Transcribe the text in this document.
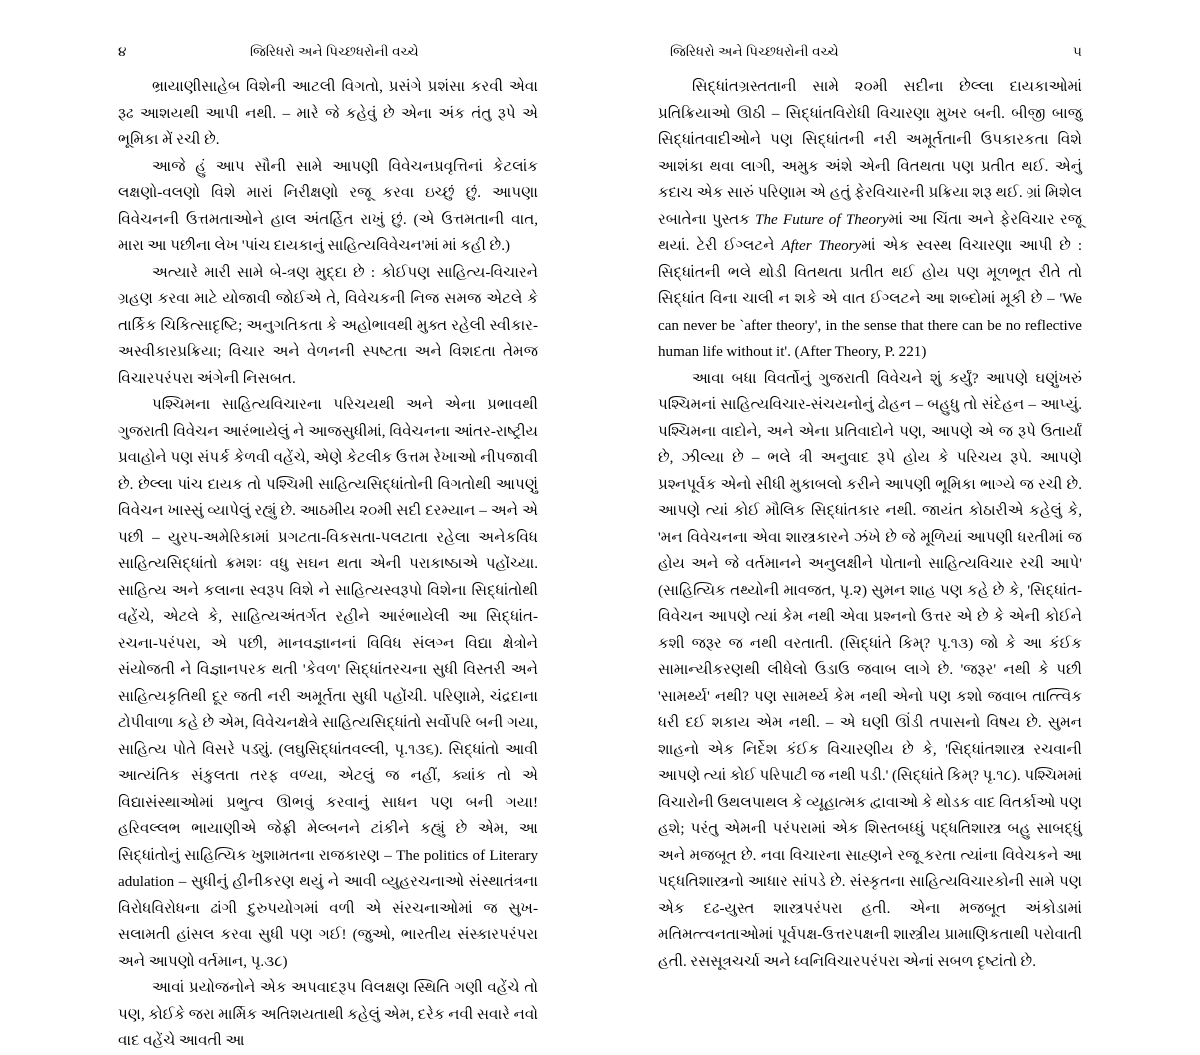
૪	જિરિધરો અને પિચ્છધરોની વચ્ચે

ભ્રાયાણીસાહેબ વિશેની આટલી વિગતો, પ્રસંગે પ્રશંસા કરવી એવા રૂઢ આશયથી આપી નથી. – મારે જે કહેવું છે એના અંક તંતુ રૂપે એ ભૂમિકા મેં રચી છે.

આજે હું આપ સૌની સામે આપણી વિવેચનપ્રવૃત્તિનાં કેટલાંક લક્ષણો-વલણો વિશે મારાં નિરીક્ષણો રજૂ કરવા ઇચ્છું છું. આપણા વિવેચનની ઉત્તમતાઓને હાલ અંતર્હિત રાખું છું. (એ ઉત્તમતાની વાત, મારા આ પછીના લેખ 'પાંચ દાયકાનું સાહિત્યવિવેચન'માં માં કહી છે.)

અત્યારે મારી સામે બે-ત્રણ મુદ્દા છે : કોઈપણ સાહિત્ય-વિચારને ગ્રહણ કરવા માટે યોજાવી જોઈએ તે, વિવેચકની નિજ સમજ એટલે કે તાર્કિક ચિકિત્સાદૃષ્ટિ; અનુગતિકતા કે અહોભાવથી મુક્ત રહેલી સ્વીકાર-અસ્વીકારપ્રક્રિયા; વિચાર અને વેળનની સ્પષ્ટતા અને વિશદતા તેમજ વિચારપરંપરા અંગેની નિસબત.

પશ્ચિમના સાહિત્યવિચારના પરિચયથી અને એના પ્રભાવથી ગુજરાતી વિવેચન આરંભાયેલું ને આજસુધીમાં, વિવેચનના આંતર-રાષ્ટ્રીય પ્રવાહોને પણ સંપર્ક કેળવી વહેંચે, એણે કેટલીક ઉત્તમ રેખાઓ નીપજાવી છે. છેલ્લા પાંચ દાયક તો પશ્ચિમી સાહિત્યસિદ્ધાંતોની વિગતોથી આપણું વિવેચન ખાસ્સું વ્યાપેલું રહ્યું છે. આઠમીય ૨૦મી સદી દરમ્યાન – અને એ પછી – યુરપ-અમેરિકામાં પ્રગટતા-વિકસતા-પલટાતા રહેલા અનેકવિધ સાહિત્યસિદ્ધાંતો ક્રમશઃ વધુ સઘન થતા એની પરાકાષ્ઠાએ પહોંચ્યા. સાહિત્ય અને કલાના સ્વરૂપ વિશે ને સાહિત્યસ્વરૂપો વિશેના સિદ્ધાંતોથી વહેંચે, એટલે કે, સાહિત્યઅંતર્ગત રહીને આરંભાયેલી આ સિદ્ધાંત-રચના-પરંપરા, એ પછી, માનવજ્ઞાનનાં વિવિધ સંલગ્ન વિદ્યા ક્ષેત્રોને સંયોજતી ને વિજ્ઞાનપરક થતી 'કેવળ' સિદ્ધાંતરચના સુધી વિસ્તરી અને સાહિત્યકૃતિથી દૂર જતી નરી અમૂર્તતા સુધી પહોંચી. પરિણામે, ચંદ્રદાના ટોપીવાળા કહે છે એમ, વિવેચનક્ષેત્રે સાહિત્યસિદ્ધાંતો સર્વોપરિ બની ગયા, સાહિત્ય પોતે વિસરે પડ્યું. (લઘુસિદ્ધાંતવલ્લી, પૃ.૧૩૬). સિદ્ધાંતો આવી આત્યંતિક સંકુલતા તરફ વળ્યા, એટલું જ નહીં, ક્યાંક તો એ વિદ્યાસંસ્થાઓમાં પ્રભુત્વ ઊભવું કરવાનું સાધન પણ બની ગયા! હરિવલ્લભ ભાયાણીએ જેફ્રી મેલ્બનને ટાંકીને કહ્યું છે એમ, આ સિદ્ધાંતોનું સાહિત્યિક ખુશામતના રાજકારણ – The politics of Literary adulation – સુધીનું હીનીકરણ થયું ને આવી વ્યુહરચનાઓ સંસ્થાતંત્રના વિરોધવિરોધના ઢાંગી દુરુપયોગમાં વળી એ સંરચનાઓમાં જ સુખ-સલામતી હાંસલ કરવા સુધી પણ ગઈ! (જુઓ, ભારતીય સંસ્કારપરંપરા અને આપણો વર્તમાન, પૃ.૩૮)

આવાં પ્રયોજનોને એક અપવાદરૂપ વિલક્ષણ સ્થિતિ ગણી વહેંચે તો પણ, કોઈકે જરા માર્મિક અતિશયતાથી કહેલું એમ, દરેક નવી સવારે નવો વાદ વહેંચે આવતી આ

જિરિધરો અને પિચ્છધરોની વચ્ચે	૫

સિદ્ધાંતગ્રસ્તતાની સામે ૨૦મી સદીના છેલ્લા દાયકાઓમાં પ્રતિક્રિયાઓ ઊઠી – સિદ્ધાંતવિરોધી વિચારણા મુખર બની. બીજી બાજુ સિદ્ધાંતવાદીઓને પણ સિદ્ધાંતની નરી અમૂર્તતાની ઉપકારકતા વિશે આશંકા થવા લાગી, અમુક અંશે એની વિતથતા પણ પ્રતીત થઈ. એનું કદાચ એક સારું પરિણામ એ હતું ફેરવિચારની પ્રક્રિયા શરૂ થઈ. ગ્રાં મિશેલ રબાતેના પુસ્તક The Future of Theoryમાં આ ચિંતા અને ફેરવિચાર રજૂ થયાં. ટેરી ઈગ્લટને After Theoryમાં એક સ્વસ્થ વિચારણા આપી છે : સિદ્ધાંતની ભલે થોડી વિતથતા પ્રતીત થઈ હોય પણ મૂળભૂત રીતે તો સિદ્ધાંત વિના ચાલી ન શકે એ વાત ઈગ્લટને આ શબ્દોમાં મૂકી છે – 'We can never be `after theory', in the sense that there can be no reflective human life without it'. (After Theory, P. 221)

આવા બધા વિવર્તોનું ગુજરાતી વિવેચને શું કર્યું? આપણે ઘણુંખરું પશ્ચિમનાં સાહિત્યવિચાર-સંચયનોનું ઢોહન – બહુધુ તો સંદેહન – આપ્યું. પશ્ચિમના વાદોને, અને એના પ્રતિવાદોને પણ, આપણે એ જ રૂપે ઉતાર્યાં છે, ઝીલ્યા છે – ભલે ત્રી અનુવાદ રૂપે હોય કે પરિચય રૂપે. આપણે પ્રશ્નપૂર્વક એનો સીધી મુકાબલો કરીને આપણી ભૂમિકા ભાગ્યે જ રચી છે. આપણે ત્યાં કોઈ મૌલિક સિદ્ધાંતકાર નથી. જાયંત કોઠારીએ કહેલું કે, 'મન વિવેચનના એવા શાસ્ત્રકારને ઝંખે છે જે મૂળિયાં આપણી ધરતીમાં જ હોય અને જે વર્તમાનને અનુલક્ષીને પોતાનો સાહિત્યવિચાર રચી આપે' (સાહિત્યિક તથ્યોની માવજત, પૃ.૨) સુમન શાહ પણ કહે છે કે, 'સિદ્ધાંત-વિવેચન આપણે ત્યાં કેમ નથી એવા પ્રશ્નનો ઉત્તર એ છે કે એની કોઈને કશી જરૂર જ નથી વરતાતી. (સિદ્ધાંતે કિમ્? પૃ.૧૩) જો કે આ કંઈક સામાન્યીકરણથી લીધેલો ઉડાઉ જવાબ લાગે છે. 'જરૂર' નથી કે પછી 'સામર્થ્ય' નથી? પણ સામર્થ્ય કેમ નથી એનો પણ કશો જવાબ તાત્ત્વિક ધરી દઈ શકાય એમ નથી. – એ ઘણી ઊંડી તપાસનો વિષય છે. સુમન શાહનો એક નિર્દેશ કંઈક વિચારણીય છે કે, 'સિદ્ધાંતશાસ્ત્ર રચવાની આપણે ત્યાં કોઈ પરિપાટી જ નથી પડી.' (સિદ્ધાંતે કિમ્? પૃ.૧૮). પશ્ચિમમાં વિચારોની ઉથલપાથલ કે વ્યૂહાત્મક દ્વાવાઓ કે થોડક વાદ વિતર્કાઓ પણ હશે; પરંતુ એમની પરંપરામાં એક શિસ્તબધ્ધું પદ્ધતિશાસ્ત્ર બહુ સાબદ્ધું અને મજબૂત છે. નવા વિચારના સાહ્ણને રજૂ કરતા ત્યાંના વિવેચકને આ પદ્ધતિશાસ્ત્રનો આધાર સાંપડે છે. સંસ્કૃતના સાહિત્યવિચારકોની સામે પણ એક દઢ-યુસ્ત શાસ્ત્રપરંપરા હતી. એના મજબૂત અંકોડામાં મતિમત્ત્વનતાઓમાં પૂર્વપક્ષ-ઉત્તરપક્ષની શાસ્ત્રીય પ્રામાણિકતાથી પરોવાતી હતી. રસસૂત્રચર્ચા અને ધ્વનિવિચારપરંપરા એનાં સબળ દૃષ્ટાંતો છે.
